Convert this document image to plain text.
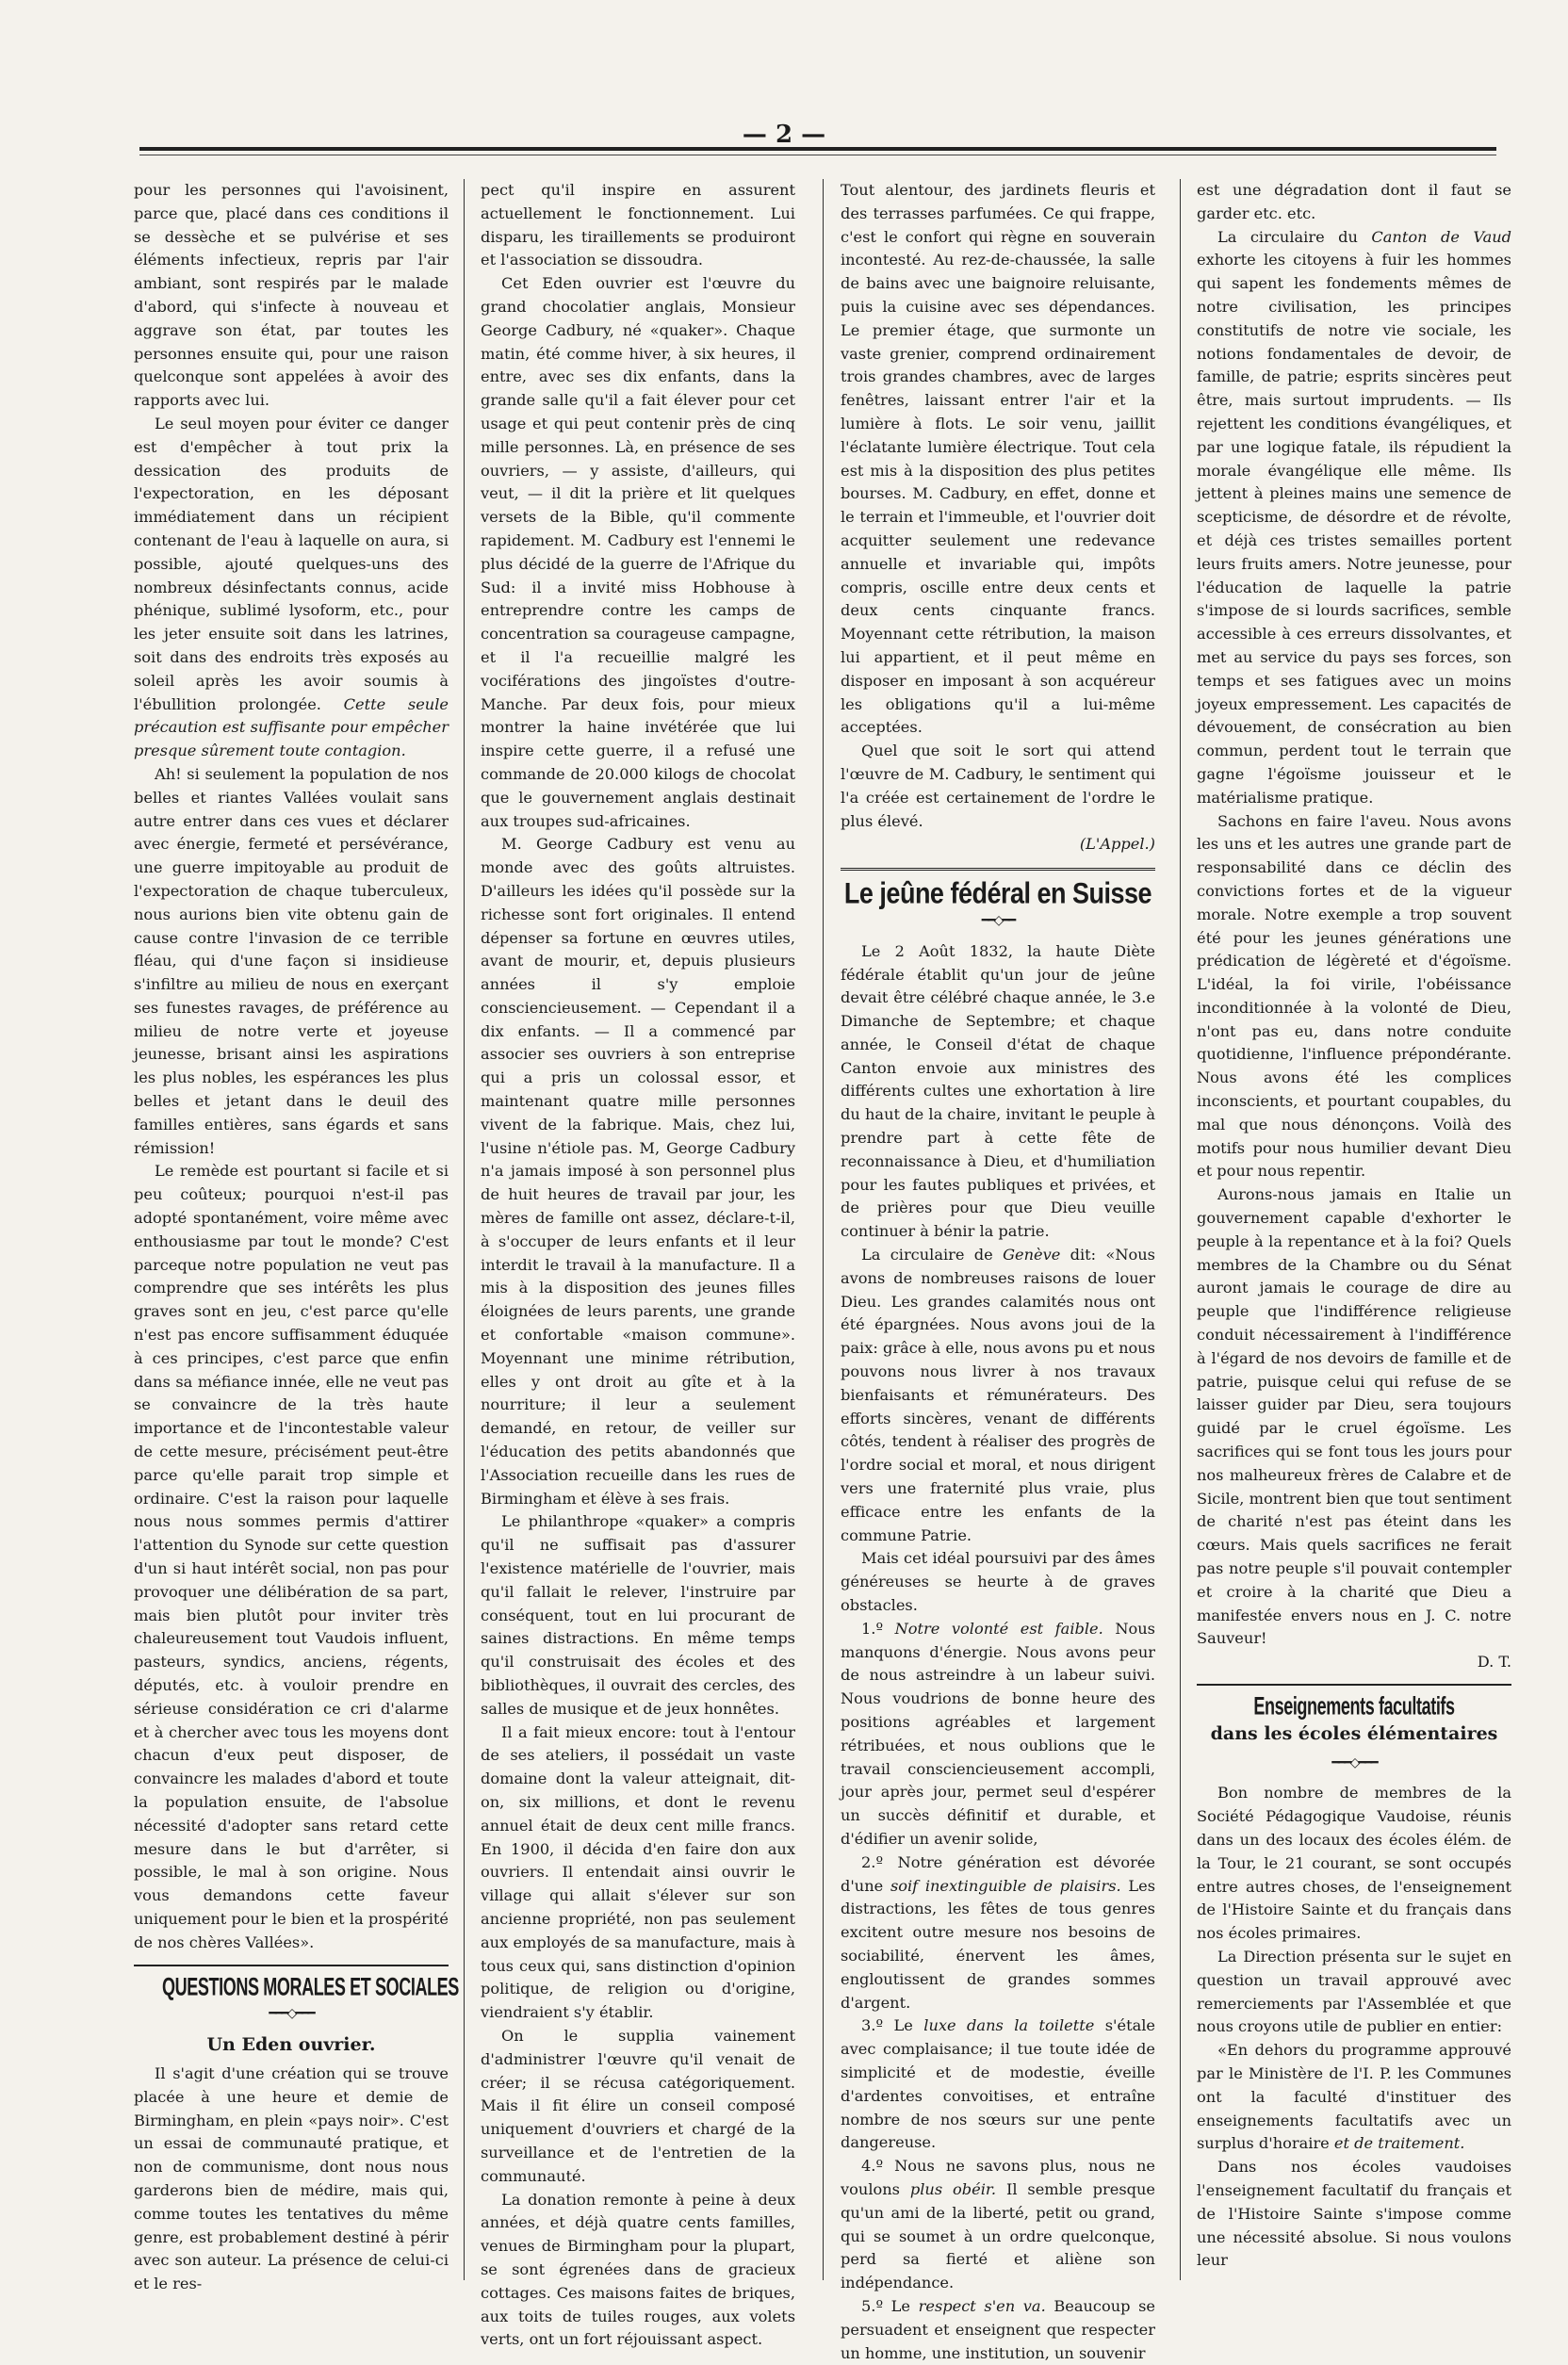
— 2 —

pour les personnes qui l'avoisinent, parce que, placé dans ces conditions il se dessèche et se pulvérise et ses éléments infectieux, repris par l'air ambiant, sont respirés par le malade d'abord, qui s'infecte à nouveau et aggrave son état, par toutes les personnes ensuite qui, pour une raison quelconque sont appelées à avoir des rapports avec lui.

Le seul moyen pour éviter ce danger est d'empêcher à tout prix la dessication des produits de l'expectoration, en les déposant immédiatement dans un récipient contenant de l'eau à laquelle on aura, si possible, ajouté quelques-uns des nombreux désinfectants connus, acide phénique, sublimé lysoform, etc., pour les jeter ensuite soit dans les latrines, soit dans des endroits très exposés au soleil après les avoir soumis à l'ébullition prolongée. Cette seule précaution est suffisante pour empêcher presque sûrement toute contagion.

Ah! si seulement la population de nos belles et riantes Vallées voulait sans autre entrer dans ces vues et déclarer avec énergie, fermeté et persévérance, une guerre impitoyable au produit de l'expectoration de chaque tuberculeux, nous aurions bien vite obtenu gain de cause contre l'invasion de ce terrible fléau, qui d'une façon si insidieuse s'infiltre au milieu de nous en exerçant ses funestes ravages, de préférence au milieu de notre verte et joyeuse jeunesse, brisant ainsi les aspirations les plus nobles, les espérances les plus belles et jetant dans le deuil des familles entières, sans égards et sans rémission!

Le remède est pourtant si facile et si peu coûteux; pourquoi n'est-il pas adopté spontanément, voire même avec enthousiasme par tout le monde? C'est parceque notre population ne veut pas comprendre que ses intérêts les plus graves sont en jeu, c'est parce qu'elle n'est pas encore suffisamment éduquée à ces principes, c'est parce que enfin dans sa méfiance innée, elle ne veut pas se convaincre de la très haute importance et de l'incontestable valeur de cette mesure, précisément peut-être parce qu'elle parait trop simple et ordinaire. C'est la raison pour laquelle nous nous sommes permis d'attirer l'attention du Synode sur cette question d'un si haut intérêt social, non pas pour provoquer une délibération de sa part, mais bien plutôt pour inviter très chaleureusement tout Vaudois influent, pasteurs, syndics, anciens, régents, députés, etc. à vouloir prendre en sérieuse considération ce cri d'alarme et à chercher avec tous les moyens dont chacun d'eux peut disposer, de convaincre les malades d'abord et toute la population ensuite, de l'absolue nécessité d'adopter sans retard cette mesure dans le but d'arrêter, si possible, le mal à son origine. Nous vous demandons cette faveur uniquement pour le bien et la prospérité de nos chères Vallées».

QUESTIONS MORALES ET SOCIALES
━━━◇━━━
Un Eden ouvrier.

Il s'agit d'une création qui se trouve placée à une heure et demie de Birmingham, en plein «pays noir». C'est un essai de communauté pratique, et non de communisme, dont nous nous garderons bien de médire, mais qui, comme toutes les tentatives du même genre, est probablement destiné à périr avec son auteur. La présence de celui-ci et le res-

pect qu'il inspire en assurent actuellement le fonctionnement. Lui disparu, les tiraillements se produiront et l'association se dissoudra.

Cet Eden ouvrier est l'œuvre du grand chocolatier anglais, Monsieur George Cadbury, né «quaker». Chaque matin, été comme hiver, à six heures, il entre, avec ses dix enfants, dans la grande salle qu'il a fait élever pour cet usage et qui peut contenir près de cinq mille personnes. Là, en présence de ses ouvriers, — y assiste, d'ailleurs, qui veut, — il dit la prière et lit quelques versets de la Bible, qu'il commente rapidement. M. Cadbury est l'ennemi le plus décidé de la guerre de l'Afrique du Sud: il a invité miss Hobhouse à entreprendre contre les camps de concentration sa courageuse campagne, et il l'a recueillie malgré les vociférations des jingoïstes d'outre-Manche. Par deux fois, pour mieux montrer la haine invétérée que lui inspire cette guerre, il a refusé une commande de 20.000 kilogs de chocolat que le gouvernement anglais destinait aux troupes sud-africaines.

M. George Cadbury est venu au monde avec des goûts altruistes. D'ailleurs les idées qu'il possède sur la richesse sont fort originales. Il entend dépenser sa fortune en œuvres utiles, avant de mourir, et, depuis plusieurs années il s'y emploie consciencieusement. — Cependant il a dix enfants. — Il a commencé par associer ses ouvriers à son entreprise qui a pris un colossal essor, et maintenant quatre mille personnes vivent de la fabrique. Mais, chez lui, l'usine n'étiole pas. M, George Cadbury n'a jamais imposé à son personnel plus de huit heures de travail par jour, les mères de famille ont assez, déclare-t-il, à s'occuper de leurs enfants et il leur interdit le travail à la manufacture. Il a mis à la disposition des jeunes filles éloignées de leurs parents, une grande et confortable «maison commune». Moyennant une minime rétribution, elles y ont droit au gîte et à la nourriture; il leur a seulement demandé, en retour, de veiller sur l'éducation des petits abandonnés que l'Association recueille dans les rues de Birmingham et élève à ses frais.

Le philanthrope «quaker» a compris qu'il ne suffisait pas d'assurer l'existence matérielle de l'ouvrier, mais qu'il fallait le relever, l'instruire par conséquent, tout en lui procurant de saines distractions. En même temps qu'il construisait des écoles et des bibliothèques, il ouvrait des cercles, des salles de musique et de jeux honnêtes.

Il a fait mieux encore: tout à l'entour de ses ateliers, il possédait un vaste domaine dont la valeur atteignait, dit-on, six millions, et dont le revenu annuel était de deux cent mille francs. En 1900, il décida d'en faire don aux ouvriers. Il entendait ainsi ouvrir le village qui allait s'élever sur son ancienne propriété, non pas seulement aux employés de sa manufacture, mais à tous ceux qui, sans distinction d'opinion politique, de religion ou d'origine, viendraient s'y établir.

On le supplia vainement d'administrer l'œuvre qu'il venait de créer; il se récusa catégoriquement. Mais il fit élire un conseil composé uniquement d'ouvriers et chargé de la surveillance et de l'entretien de la communauté.

La donation remonte à peine à deux années, et déjà quatre cents familles, venues de Birmingham pour la plupart, se sont égrenées dans de gracieux cottages. Ces maisons faites de briques, aux toits de tuiles rouges, aux volets verts, ont un fort réjouissant aspect.

Tout alentour, des jardinets fleuris et des terrasses parfumées. Ce qui frappe, c'est le confort qui règne en souverain incontesté. Au rez-de-chaussée, la salle de bains avec une baignoire reluisante, puis la cuisine avec ses dépendances. Le premier étage, que surmonte un vaste grenier, comprend ordinairement trois grandes chambres, avec de larges fenêtres, laissant entrer l'air et la lumière à flots. Le soir venu, jaillit l'éclatante lumière électrique. Tout cela est mis à la disposition des plus petites bourses. M. Cadbury, en effet, donne et le terrain et l'immeuble, et l'ouvrier doit acquitter seulement une redevance annuelle et invariable qui, impôts compris, oscille entre deux cents et deux cents cinquante francs. Moyennant cette rétribution, la maison lui appartient, et il peut même en disposer en imposant à son acquéreur les obligations qu'il a lui-même acceptées.

Quel que soit le sort qui attend l'œuvre de M. Cadbury, le sentiment qui l'a créée est certainement de l'ordre le plus élevé.

(L'Appel.)
Le jeûne fédéral en Suisse
━━◇━━

Le 2 Août 1832, la haute Diète fédérale établit qu'un jour de jeûne devait être célébré chaque année, le 3.e Dimanche de Septembre; et chaque année, le Conseil d'état de chaque Canton envoie aux ministres des différents cultes une exhortation à lire du haut de la chaire, invitant le peuple à prendre part à cette fête de reconnaissance à Dieu, et d'humiliation pour les fautes publiques et privées, et de prières pour que Dieu veuille continuer à bénir la patrie.

La circulaire de Genève dit: «Nous avons de nombreuses raisons de louer Dieu. Les grandes calamités nous ont été épargnées. Nous avons joui de la paix: grâce à elle, nous avons pu et nous pouvons nous livrer à nos travaux bienfaisants et rémunérateurs. Des efforts sincères, venant de différents côtés, tendent à réaliser des progrès de l'ordre social et moral, et nous dirigent vers une fraternité plus vraie, plus efficace entre les enfants de la commune Patrie.

Mais cet idéal poursuivi par des âmes généreuses se heurte à de graves obstacles.

1.º Notre volonté est faible. Nous manquons d'énergie. Nous avons peur de nous astreindre à un labeur suivi. Nous voudrions de bonne heure des positions agréables et largement rétribuées, et nous oublions que le travail consciencieusement accompli, jour après jour, permet seul d'espérer un succès définitif et durable, et d'édifier un avenir solide,

2.º Notre génération est dévorée d'une soif inextinguible de plaisirs. Les distractions, les fêtes de tous genres excitent outre mesure nos besoins de sociabilité, énervent les âmes, engloutissent de grandes sommes d'argent.

3.º Le luxe dans la toilette s'étale avec complaisance; il tue toute idée de simplicité et de modestie, éveille d'ardentes convoitises, et entraîne nombre de nos sœurs sur une pente dangereuse.

4.º Nous ne savons plus, nous ne voulons plus obéir. Il semble presque qu'un ami de la liberté, petit ou grand, qui se soumet à un ordre quelconque, perd sa fierté et aliène son indépendance.

5.º Le respect s'en va. Beaucoup se persuadent et enseignent que respecter un homme, une institution, un souvenir

est une dégradation dont il faut se garder etc. etc.

La circulaire du Canton de Vaud exhorte les citoyens à fuir les hommes qui sapent les fondements mêmes de notre civilisation, les principes constitutifs de notre vie sociale, les notions fondamentales de devoir, de famille, de patrie; esprits sincères peut être, mais surtout imprudents. — Ils rejettent les conditions évangéliques, et par une logique fatale, ils répudient la morale évangélique elle même. Ils jettent à pleines mains une semence de scepticisme, de désordre et de révolte, et déjà ces tristes semailles portent leurs fruits amers. Notre jeunesse, pour l'éducation de laquelle la patrie s'impose de si lourds sacrifices, semble accessible à ces erreurs dissolvantes, et met au service du pays ses forces, son temps et ses fatigues avec un moins joyeux empressement. Les capacités de dévouement, de consécration au bien commun, perdent tout le terrain que gagne l'égoïsme jouisseur et le matérialisme pratique.

Sachons en faire l'aveu. Nous avons les uns et les autres une grande part de responsabilité dans ce déclin des convictions fortes et de la vigueur morale. Notre exemple a trop souvent été pour les jeunes générations une prédication de légèreté et d'égoïsme. L'idéal, la foi virile, l'obéissance inconditionnée à la volonté de Dieu, n'ont pas eu, dans notre conduite quotidienne, l'influence prépondérante. Nous avons été les complices inconscients, et pourtant coupables, du mal que nous dénonçons. Voilà des motifs pour nous humilier devant Dieu et pour nous repentir.

Aurons-nous jamais en Italie un gouvernement capable d'exhorter le peuple à la repentance et à la foi? Quels membres de la Chambre ou du Sénat auront jamais le courage de dire au peuple que l'indifférence religieuse conduit nécessairement à l'indifférence à l'égard de nos devoirs de famille et de patrie, puisque celui qui refuse de se laisser guider par Dieu, sera toujours guidé par le cruel égoïsme. Les sacrifices qui se font tous les jours pour nos malheureux frères de Calabre et de Sicile, montrent bien que tout sentiment de charité n'est pas éteint dans les cœurs. Mais quels sacrifices ne ferait pas notre peuple s'il pouvait contempler et croire à la charité que Dieu a manifestée envers nous en J. C. notre Sauveur!

D. T.
Enseignements facultatifs
dans les écoles élémentaires
━━━◇━━━

Bon nombre de membres de la Société Pédagogique Vaudoise, réunis dans un des locaux des écoles élém. de la Tour, le 21 courant, se sont occupés entre autres choses, de l'enseignement de l'Histoire Sainte et du français dans nos écoles primaires.

La Direction présenta sur le sujet en question un travail approuvé avec remerciements par l'Assemblée et que nous croyons utile de publier en entier:

«En dehors du programme approuvé par le Ministère de l'I. P. les Communes ont la faculté d'instituer des enseignements facultatifs avec un surplus d'horaire et de traitement.

Dans nos écoles vaudoises l'enseignement facultatif du français et de l'Histoire Sainte s'impose comme une nécessité absolue. Si nous voulons leur
